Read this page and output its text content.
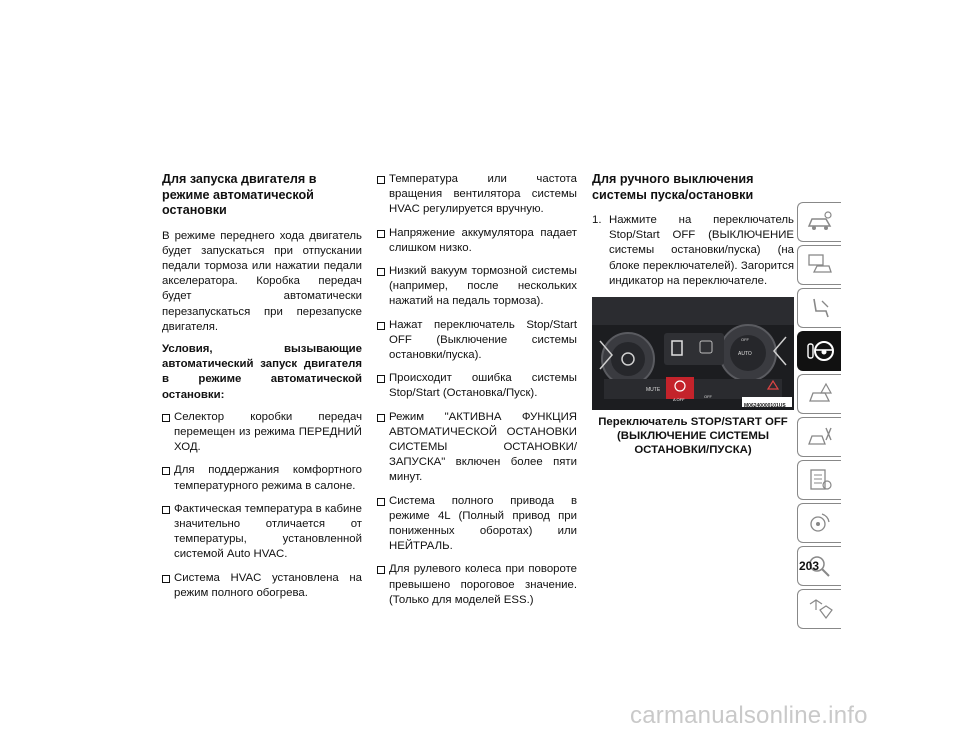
Для запуска двигателя в режиме автоматической остановки

В режиме переднего хода двигатель будет запускаться при отпускании педали тормоза или нажатии педали акселератора. Коробка передач будет автоматически перезапускаться при перезапуске двигателя.

Условия, вызывающие автоматический запуск двигателя в режиме автоматической остановки:

Селектор коробки передач перемещен из режима ПЕРЕДНИЙ ХОД.
Для поддержания комфортного температурного режима в салоне.
Фактическая температура в кабине значительно отличается от температуры, установленной системой Auto HVAC.
Система HVAC установлена на режим полного обогрева.
Температура или частота вращения вентилятора системы HVAC регулируется вручную.
Напряжение аккумулятора падает слишком низко.
Низкий вакуум тормозной системы (например, после нескольких нажатий на педаль тормоза).
Нажат переключатель Stop/Start OFF (Выключение системы остановки/пуска).
Происходит ошибка системы Stop/Start (Остановка/Пуск).
Режим "АКТИВНА ФУНКЦИЯ АВТОМАТИЧЕСКОЙ ОСТАНОВКИ СИСТЕМЫ ОСТАНОВКИ/ЗАПУСКА" включен более пяти минут.
Система полного привода в режиме 4L (Полный привод при пониженных оборотах) или НЕЙТРАЛЬ.
Для рулевого колеса при повороте превышено пороговое значение. (Только для моделей ESS.)
Для ручного выключения системы пуска/остановки
1. Нажмите на переключатель Stop/Start OFF (ВЫКЛЮЧЕНИЕ системы остановки/пуска) (на блоке переключателей). Загорится индикатор на переключателе.
MUTE
AUTO
A OFF
OFF
OFF
M06240000101US
Переключатель STOP/START OFF (ВЫКЛЮЧЕНИЕ СИСТЕМЫ ОСТАНОВКИ/ПУСКА)
203
carmanualsonline.info
